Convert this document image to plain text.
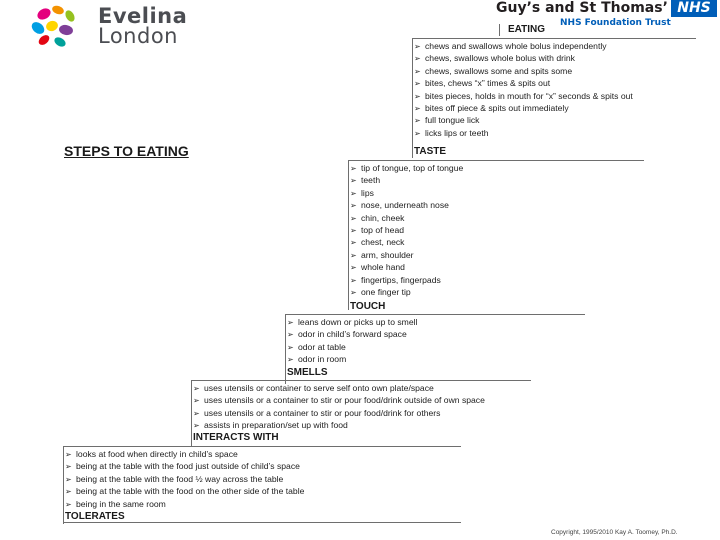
Evelina
London
Guy’s and St Thomas’ NHS
NHS Foundation Trust
STEPS TO EATING
EATING
➢ chews and swallows whole bolus independently
➢ chews, swallows whole bolus with drink
➢ chews, swallows some and spits some
➢ bites, chews “x” times & spits out
➢ bites pieces, holds in mouth for “x” seconds & spits out
➢ bites off piece & spits out immediately
➢ full tongue lick
➢ licks lips or teeth
TASTE
➢ tip of tongue, top of tongue
➢ teeth
➢ lips
➢ nose, underneath nose
➢ chin, cheek
➢ top of head
➢ chest, neck
➢ arm, shoulder
➢ whole hand
➢ fingertips, fingerpads
➢ one finger tip
TOUCH
➢ leans down or picks up to smell
➢ odor in child’s forward space
➢ odor at table
➢ odor in room
SMELLS
➢ uses utensils or container to serve self onto own plate/space
➢ uses utensils or a container to stir or pour food/drink outside of own space
➢ uses utensils or a container to stir or pour food/drink for others
➢ assists in preparation/set up with food
INTERACTS WITH
➢ looks at food when directly in child’s space
➢ being at the table with the food just outside of child’s space
➢ being at the table with the food ½ way across the table
➢ being at the table with the food on the other side of the table
➢ being in the same room
TOLERATES
Copyright, 1995/2010 Kay A. Toomey, Ph.D.
